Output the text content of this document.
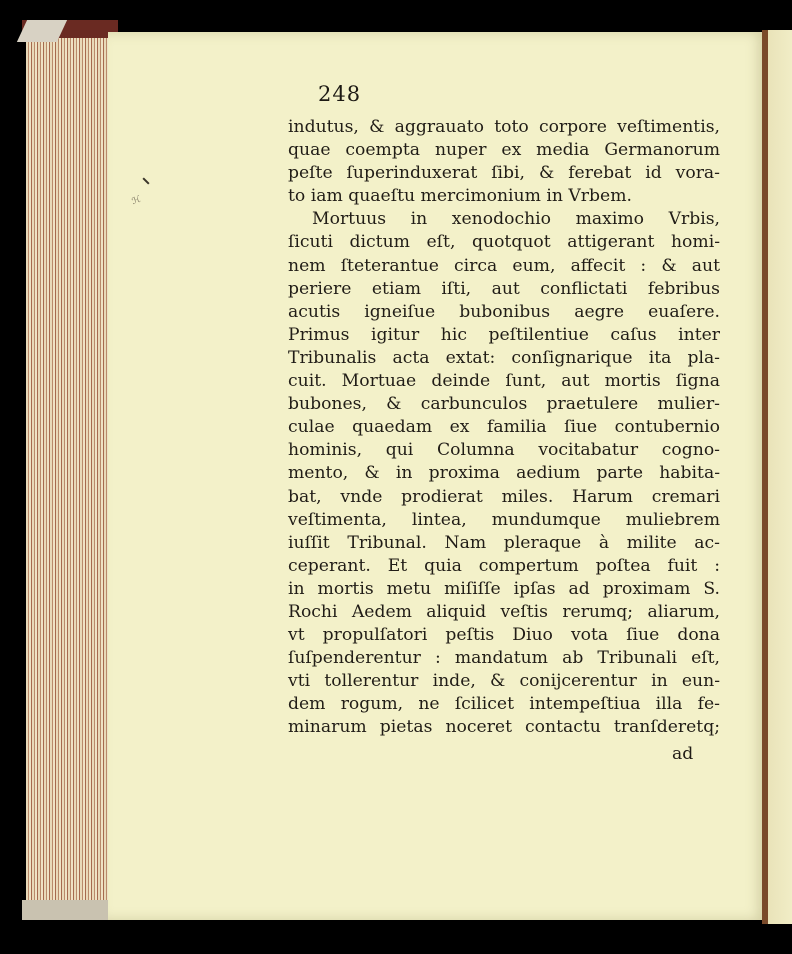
ℋ
248
indutus, & aggrauato toto corpore veſtimentis,
quae coempta nuper ex media Germanorum
peſte ſuperinduxerat ſibi, & ferebat id vora-
to iam quaeſtu mercimonium in Vrbem.
Mortuus in xenodochio maximo Vrbis,
ſicuti dictum eſt, quotquot attigerant homi-
nem ſteterantue circa eum, affecit : & aut
periere etiam iſti, aut conflictati febribus
acutis igneiſue bubonibus aegre euaſere.
Primus igitur hic peſtilentiue caſus inter
Tribunalis acta extat: conſignarique ita pla-
cuit. Mortuae deinde ſunt, aut mortis ſigna
bubones, & carbunculos praetulere mulier-
culae quaedam ex familia ſiue contubernio
hominis, qui Columna vocitabatur cogno-
mento, & in proxima aedium parte habita-
bat, vnde prodierat miles. Harum cremari
veſtimenta, lintea, mundumque muliebrem
iuſſit Tribunal. Nam pleraque à milite ac-
ceperant. Et quia compertum poſtea fuit :
in mortis metu miſiſſe ipſas ad proximam S.
Rochi Aedem aliquid veſtis rerumq; aliarum,
vt propulſatori peſtis Diuo vota ſiue dona
ſuſpenderentur : mandatum ab Tribunali eſt,
vti tollerentur inde, & conijcerentur in eun-
dem rogum, ne ſcilicet intempeſtiua illa fe-
minarum pietas noceret contactu tranſderetq;
ad
